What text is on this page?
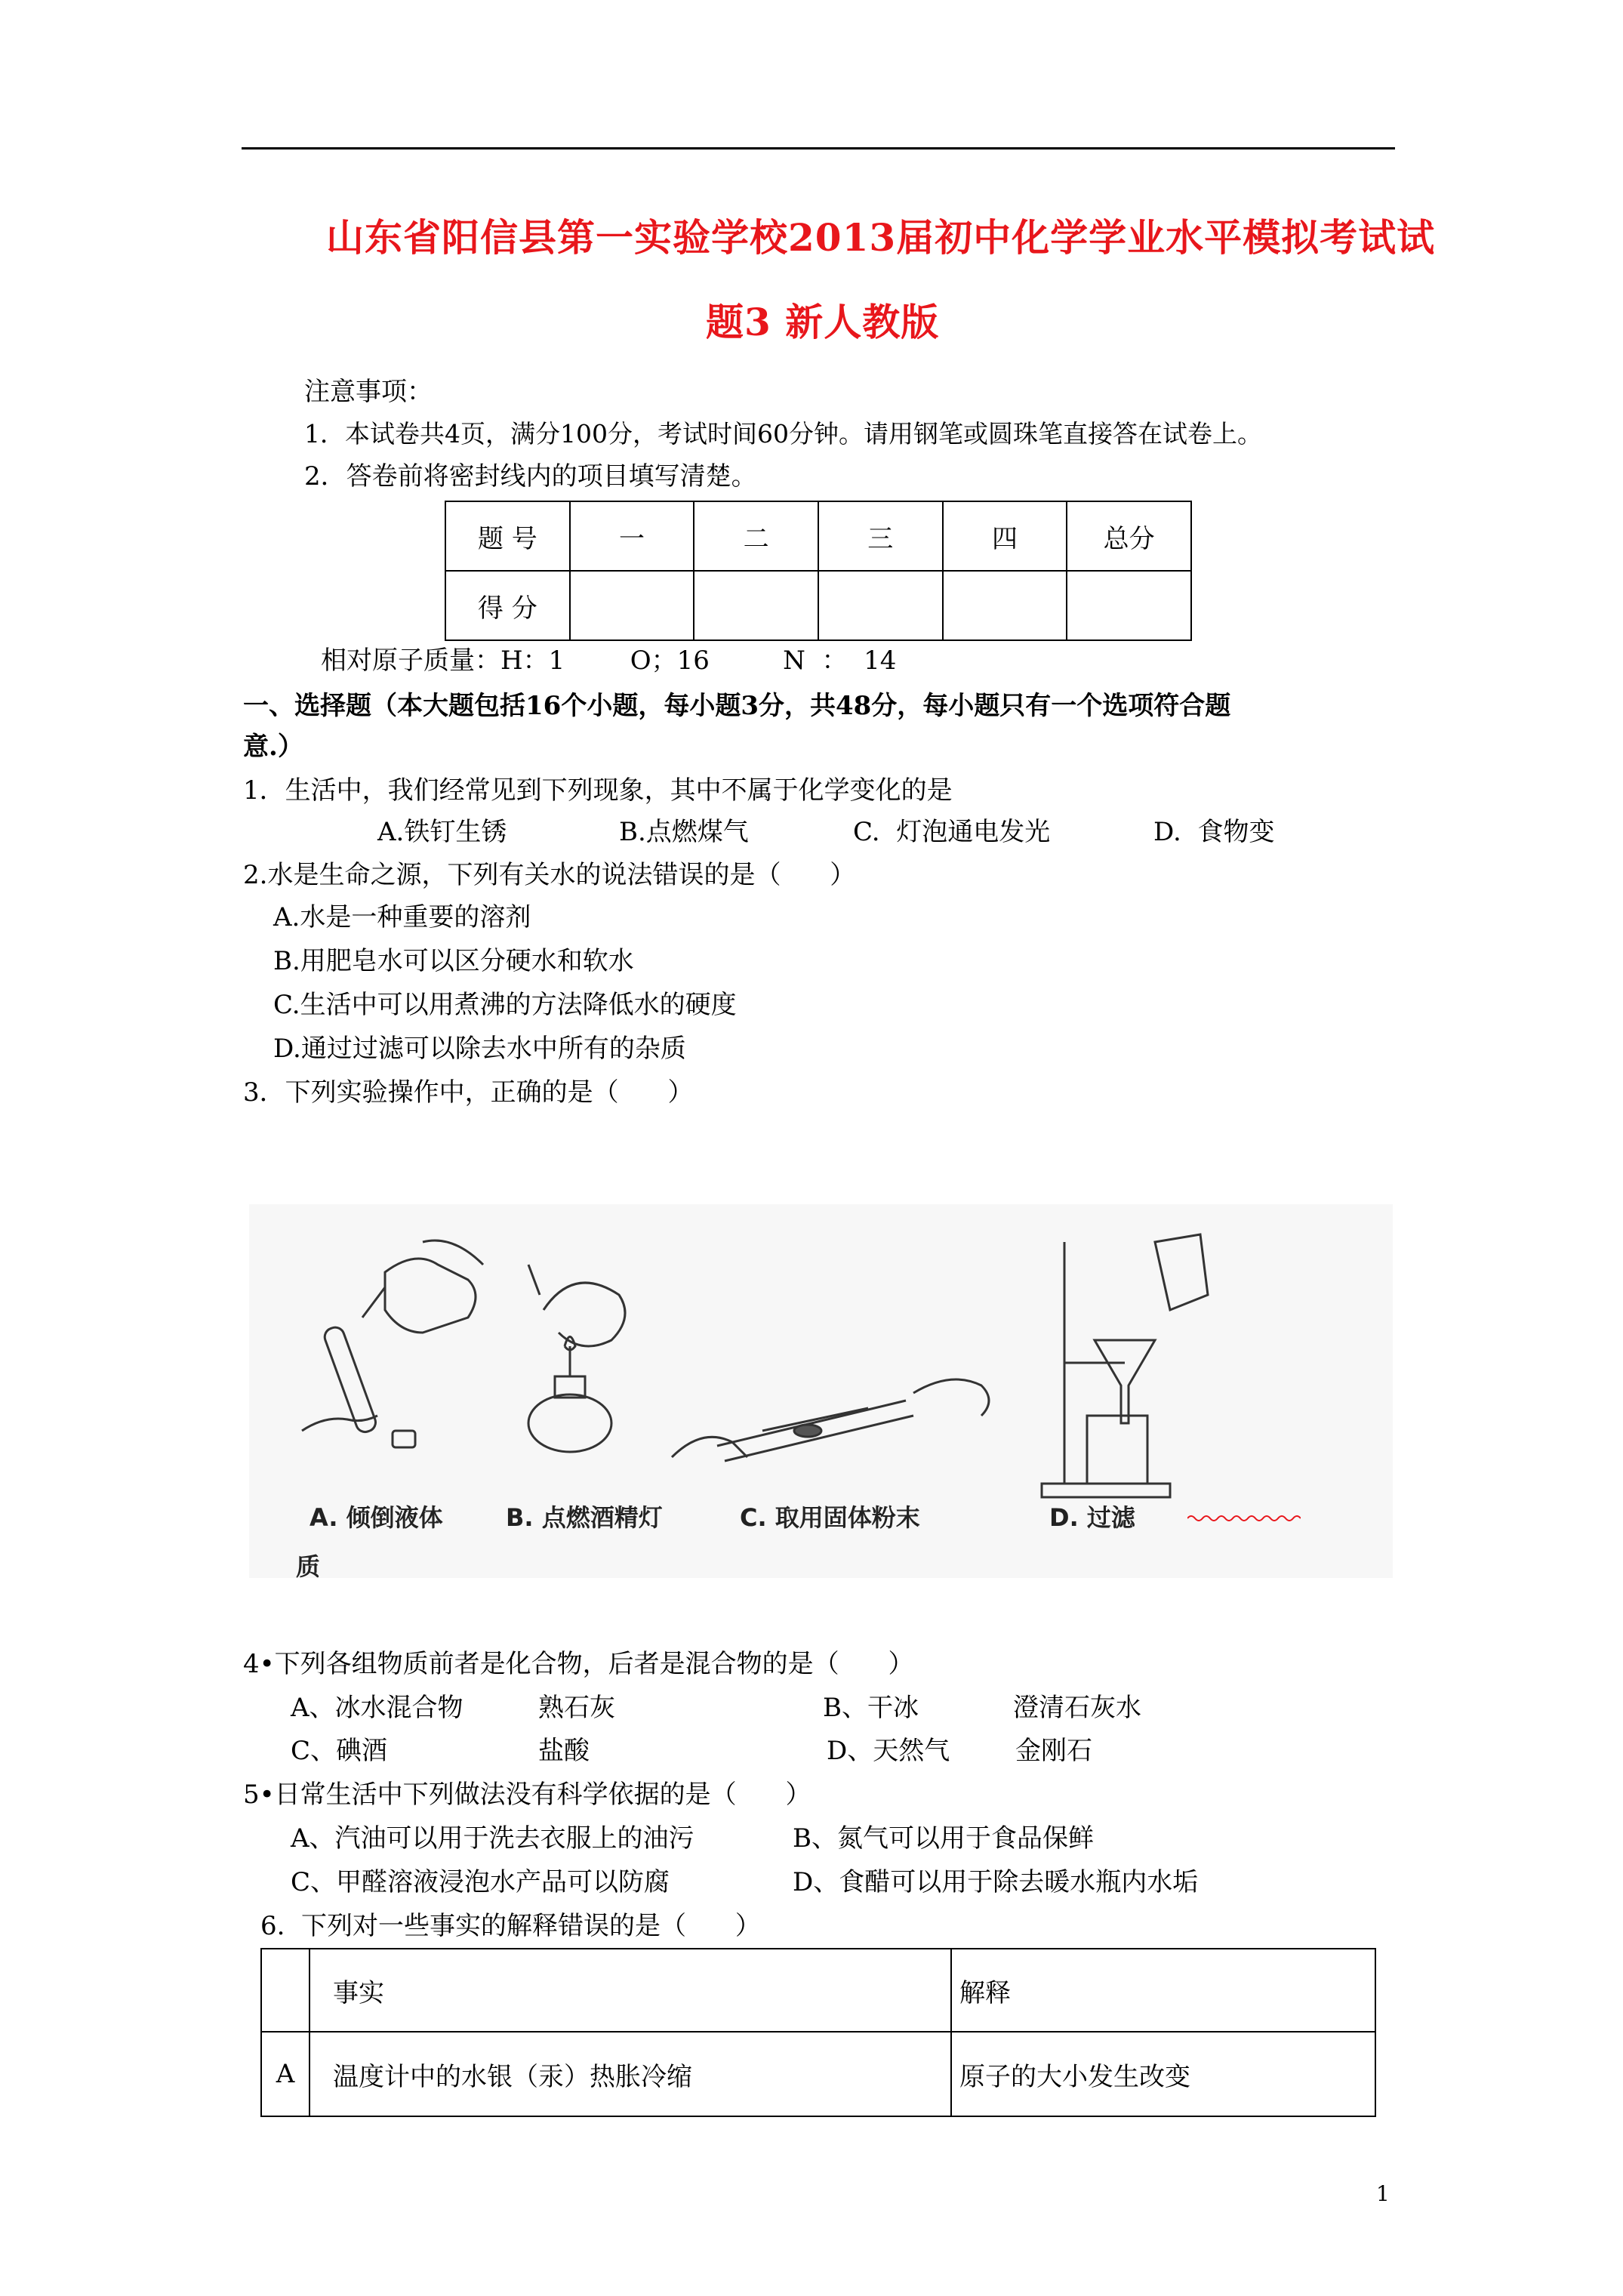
山东省阳信县第一实验学校2013届初中化学学业水平模拟考试试
题3 新人教版
注意事项：
1．本试卷共4页，满分100分，考试时间60分钟。请用钢笔或圆珠笔直接答在试卷上。
2．答卷前将密封线内的项目填写清楚。
题 号	一	二	三	四	总分
得 分					
相对原子质量：H：1        O；16         N  ：  14
一、选择题（本大题包括16个小题，每小题3分，共48分，每小题只有一个选项符合题
意.）
1．生活中，我们经常见到下列现象，其中不属于化学变化的是
A.铁钉生锈	B.点燃煤气	C.  灯泡通电发光	D.  食物变
2.水是生命之源，下列有关水的说法错误的是（      ）
A.水是一种重要的溶剂
B.用肥皂水可以区分硬水和软水
C.生活中可以用煮沸的方法降低水的硬度
D.通过过滤可以除去水中所有的杂质
3．下列实验操作中，正确的是（      ）
A. 倾倒液体	B. 点燃酒精灯	C. 取用固体粉末	D. 过滤
质
4•下列各组物质前者是化合物，后者是混合物的是（      ）
A、冰水混合物	熟石灰	B、干冰	澄清石灰水
C、碘酒	盐酸	D、天然气	金刚石
5•日常生活中下列做法没有科学依据的是（      ）
A、汽油可以用于洗去衣服上的油污	B、氮气可以用于食品保鲜
C、甲醛溶液浸泡水产品可以防腐	D、食醋可以用于除去暖水瓶内水垢
6.  下列对一些事实的解释错误的是（      ）
	事实	解释
A	温度计中的水银（汞）热胀冷缩	原子的大小发生改变
1
